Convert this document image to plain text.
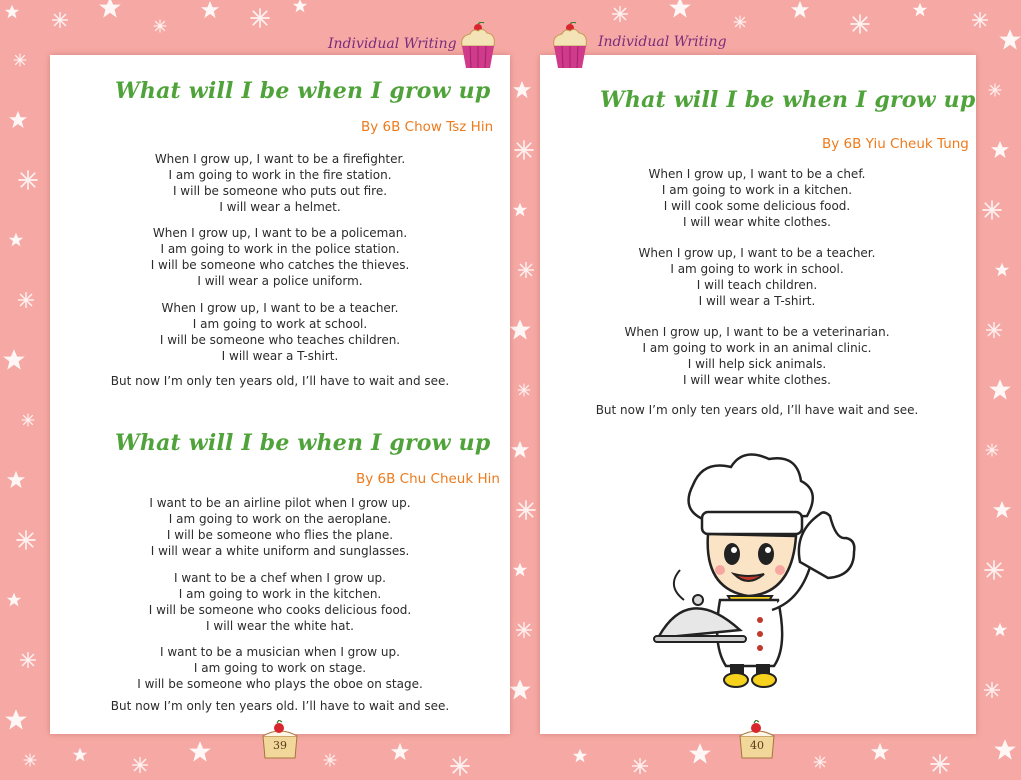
Individual Writing
What will I be when I grow up
By 6B Chow Tsz Hin
When I grow up, I want to be a firefighter.
I am going to work in the fire station.
I will be someone who puts out fire.
I will wear a helmet.
When I grow up, I want to be a policeman.
I am going to work in the police station.
I will be someone who catches the thieves.
I will wear a police uniform.
When I grow up, I want to be a teacher.
I am going to work at school.
I will be someone who teaches children.
I will wear a T-shirt.
But now I’m only ten years old, I’ll have to wait and see.
What will I be when I grow up
By 6B Chu Cheuk Hin
I want to be an airline pilot when I grow up.
I am going to work on the aeroplane.
I will be someone who flies the plane.
I will wear a white uniform and sunglasses.
I want to be a chef when I grow up.
I am going to work in the kitchen.
I will be someone who cooks delicious food.
I will wear the white hat.
I want to be a musician when I grow up.
I am going to work on stage.
I will be someone who plays the oboe on stage.
But now I’m only ten years old. I’ll have to wait and see.
39
Individual Writing
What will I be when I grow up
By 6B Yiu Cheuk Tung
When I grow up, I want to be a chef.
I am going to work in a kitchen.
I will cook some delicious food.
I will wear white clothes.
When I grow up, I want to be a teacher.
I am going to work in school.
I will teach children.
I will wear a T-shirt.
When I grow up, I want to be a veterinarian.
I am going to work in an animal clinic.
I will help sick animals.
I will wear white clothes.
But now I’m only ten years old, I’ll have wait and see.
40
